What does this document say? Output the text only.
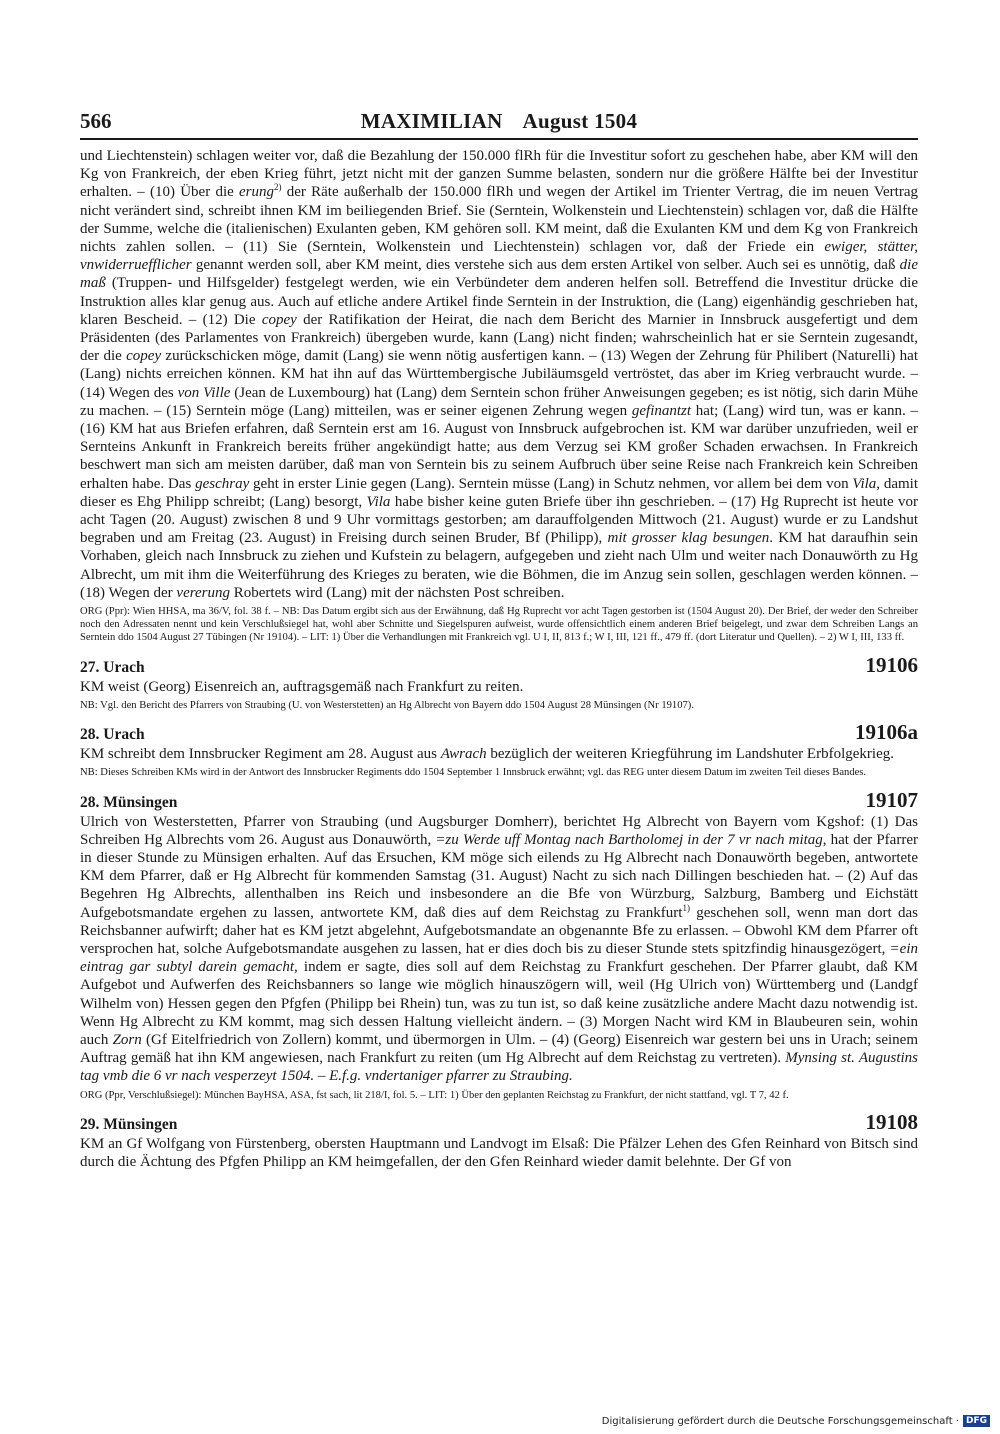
566	MAXIMILIAN August 1504

und Liechtenstein) schlagen weiter vor, daß die Bezahlung der 150.000 flRh für die Investitur sofort zu geschehen habe, aber KM will den Kg von Frankreich, der eben Krieg führt, jetzt nicht mit der ganzen Summe belasten, sondern nur die größere Hälfte bei der Investitur erhalten. – (10) Über die erung$^{2)}$ der Räte außerhalb der 150.000 flRh und wegen der Artikel im Trienter Vertrag, die im neuen Vertrag nicht verändert sind, schreibt ihnen KM im beiliegenden Brief. Sie (Serntein, Wolkenstein und Liechtenstein) schlagen vor, daß die Hälfte der Summe, welche die (italienischen) Exulanten geben, KM gehören soll. KM meint, daß die Exulanten KM und dem Kg von Frankreich nichts zahlen sollen. – (11) Sie (Serntein, Wolkenstein und Liechtenstein) schlagen vor, daß der Friede ein ewiger, stätter, vnwiderruefflicher genannt werden soll, aber KM meint, dies verstehe sich aus dem ersten Artikel von selber. Auch sei es unnötig, daß die maß (Truppen- und Hilfsgelder) festgelegt werden, wie ein Verbündeter dem anderen helfen soll. Betreffend die Investitur drücke die Instruktion alles klar genug aus. Auch auf etliche andere Artikel finde Serntein in der Instruktion, die (Lang) eigenhändig geschrieben hat, klaren Bescheid. – (12) Die copey der Ratifikation der Heirat, die nach dem Bericht des Marnier in Innsbruck ausgefertigt und dem Präsidenten (des Parlamentes von Frankreich) übergeben wurde, kann (Lang) nicht finden; wahrscheinlich hat er sie Serntein zugesandt, der die copey zurückschicken möge, damit (Lang) sie wenn nötig ausfertigen kann. – (13) Wegen der Zehrung für Philibert (Naturelli) hat (Lang) nichts erreichen können. KM hat ihn auf das Württembergische Jubiläumsgeld vertröstet, das aber im Krieg verbraucht wurde. – (14) Wegen des von Ville (Jean de Luxembourg) hat (Lang) dem Serntein schon früher Anweisungen gegeben; es ist nötig, sich darin Mühe zu machen. – (15) Serntein möge (Lang) mitteilen, was er seiner eigenen Zehrung wegen gefinantzt hat; (Lang) wird tun, was er kann. – (16) KM hat aus Briefen erfahren, daß Serntein erst am 16. August von Innsbruck aufgebrochen ist. KM war darüber unzufrieden, weil er Sernteins Ankunft in Frankreich bereits früher angekündigt hatte; aus dem Verzug sei KM großer Schaden erwachsen. In Frankreich beschwert man sich am meisten darüber, daß man von Serntein bis zu seinem Aufbruch über seine Reise nach Frankreich kein Schreiben erhalten habe. Das geschray geht in erster Linie gegen (Lang). Serntein müsse (Lang) in Schutz nehmen, vor allem bei dem von Vila, damit dieser es Ehg Philipp schreibt; (Lang) besorgt, Vila habe bisher keine guten Briefe über ihn geschrieben. – (17) Hg Ruprecht ist heute vor acht Tagen (20. August) zwischen 8 und 9 Uhr vormittags gestorben; am darauffolgenden Mittwoch (21. August) wurde er zu Landshut begraben und am Freitag (23. August) in Freising durch seinen Bruder, Bf (Philipp), mit grosser klag besungen. KM hat daraufhin sein Vorhaben, gleich nach Innsbruck zu ziehen und Kufstein zu belagern, aufgegeben und zieht nach Ulm und weiter nach Donauwörth zu Hg Albrecht, um mit ihm die Weiterführung des Krieges zu beraten, wie die Böhmen, die im Anzug sein sollen, geschlagen werden können. – (18) Wegen der vererung Robertets wird (Lang) mit der nächsten Post schreiben.

ORG (Ppr): Wien HHSA, ma 36/V, fol. 38 f. – NB: Das Datum ergibt sich aus der Erwähnung, daß Hg Ruprecht vor acht Tagen gestorben ist (1504 August 20). Der Brief, der weder den Schreiber noch den Adressaten nennt und kein Verschlußsiegel hat, wohl aber Schnitte und Siegelspuren aufweist, wurde offensichtlich einem anderen Brief beigelegt, und zwar dem Schreiben Langs an Serntein ddo 1504 August 27 Tübingen (Nr 19104). – LIT: 1) Über die Verhandlungen mit Frankreich vgl. U I, II, 813 f.; W I, III, 121 ff., 479 ff. (dort Literatur und Quellen). – 2) W I, III, 133 ff.

27. Urach	19106

KM weist (Georg) Eisenreich an, auftragsgemäß nach Frankfurt zu reiten.

NB: Vgl. den Bericht des Pfarrers von Straubing (U. von Westerstetten) an Hg Albrecht von Bayern ddo 1504 August 28 Münsingen (Nr 19107).

28. Urach	19106a

KM schreibt dem Innsbrucker Regiment am 28. August aus Awrach bezüglich der weiteren Kriegführung im Landshuter Erbfolgekrieg.

NB: Dieses Schreiben KMs wird in der Antwort des Innsbrucker Regiments ddo 1504 September 1 Innsbruck erwähnt; vgl. das REG unter diesem Datum im zweiten Teil dieses Bandes.

28. Münsingen	19107

Ulrich von Westerstetten, Pfarrer von Straubing (und Augsburger Domherr), berichtet Hg Albrecht von Bayern vom Kgshof: (1) Das Schreiben Hg Albrechts vom 26. August aus Donauwörth, =zu Werde uff Montag nach Bartholomej in der 7 vr nach mitag, hat der Pfarrer in dieser Stunde zu Münsigen erhalten. Auf das Ersuchen, KM möge sich eilends zu Hg Albrecht nach Donauwörth begeben, antwortete KM dem Pfarrer, daß er Hg Albrecht für kommenden Samstag (31. August) Nacht zu sich nach Dillingen beschieden hat. – (2) Auf das Begehren Hg Albrechts, allenthalben ins Reich und insbesondere an die Bfe von Würzburg, Salzburg, Bamberg und Eichstätt Aufgebotsmandate ergehen zu lassen, antwortete KM, daß dies auf dem Reichstag zu Frankfurt$^{1)}$ geschehen soll, wenn man dort das Reichsbanner aufwirft; daher hat es KM jetzt abgelehnt, Aufgebotsmandate an obgenannte Bfe zu erlassen. – Obwohl KM dem Pfarrer oft versprochen hat, solche Aufgebotsmandate ausgehen zu lassen, hat er dies doch bis zu dieser Stunde stets spitzfindig hinausgezögert, =ein eintrag gar subtyl darein gemacht, indem er sagte, dies soll auf dem Reichstag zu Frankfurt geschehen. Der Pfarrer glaubt, daß KM Aufgebot und Aufwerfen des Reichsbanners so lange wie möglich hinauszögern will, weil (Hg Ulrich von) Württemberg und (Landgf Wilhelm von) Hessen gegen den Pfgfen (Philipp bei Rhein) tun, was zu tun ist, so daß keine zusätzliche andere Macht dazu notwendig ist. Wenn Hg Albrecht zu KM kommt, mag sich dessen Haltung vielleicht ändern. – (3) Morgen Nacht wird KM in Blaubeuren sein, wohin auch Zorn (Gf Eitelfriedrich von Zollern) kommt, und übermorgen in Ulm. – (4) (Georg) Eisenreich war gestern bei uns in Urach; seinem Auftrag gemäß hat ihn KM angewiesen, nach Frankfurt zu reiten (um Hg Albrecht auf dem Reichstag zu vertreten). Mynsing st. Augustins tag vmb die 6 vr nach vesperzeyt 1504. – E.f.g. vndertaniger pfarrer zu Straubing.

ORG (Ppr, Verschlußsiegel): München BayHSA, ASA, fst sach, lit 218/I, fol. 5. – LIT: 1) Über den geplanten Reichstag zu Frankfurt, der nicht stattfand, vgl. T 7, 42 f.

29. Münsingen	19108

KM an Gf Wolfgang von Fürstenberg, obersten Hauptmann und Landvogt im Elsaß: Die Pfälzer Lehen des Gfen Reinhard von Bitsch sind durch die Ächtung des Pfgfen Philipp an KM heimgefallen, der den Gfen Reinhard wieder damit belehnte. Der Gf von

Digitalisierung gefördert durch die Deutsche Forschungsgemeinschaft · DFG
